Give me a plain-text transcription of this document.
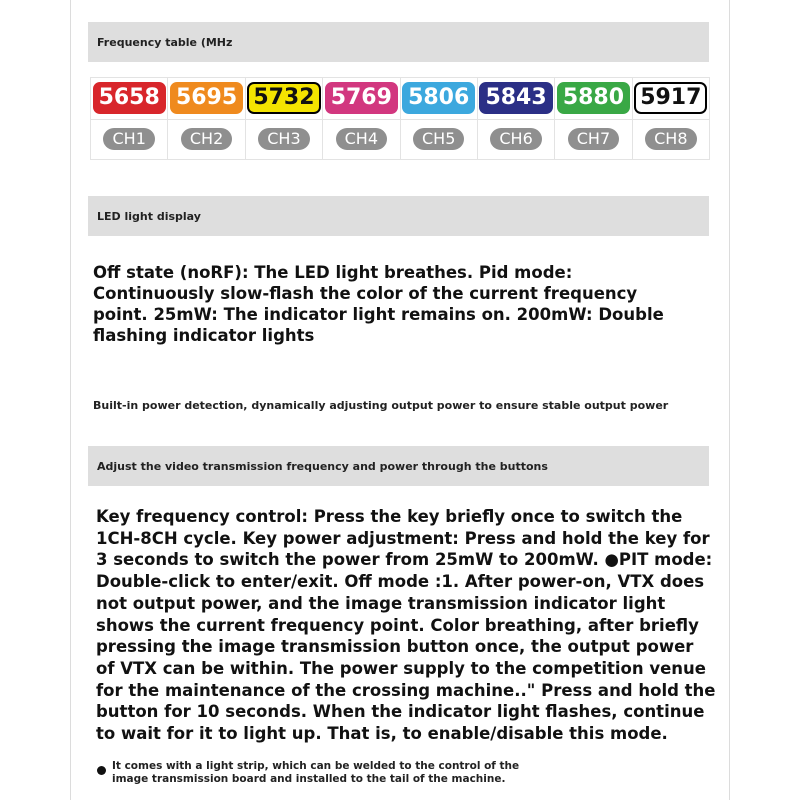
Frequency table (MHz
5658
CH1
5695
CH2
5732
CH3
5769
CH4
5806
CH5
5843
CH6
5880
CH7
5917
CH8
LED light display

Off state (noRF): The LED light breathes. Pid mode: Continuously slow-flash the color of the current frequency point. 25mW: The indicator light remains on. 200mW: Double flashing indicator lights

Built-in power detection, dynamically adjusting output power to ensure stable output power

Adjust the video transmission frequency and power through the buttons

Key frequency control: Press the key briefly once to switch the 1CH-8CH cycle. Key power adjustment: Press and hold the key for 3 seconds to switch the power from 25mW to 200mW. ●PIT mode: Double-click to enter/exit. Off mode :1. After power-on, VTX does not output power, and the image transmission indicator light shows the current frequency point. Color breathing, after briefly pressing the image transmission button once, the output power of VTX can be within. The power supply to the competition venue for the maintenance of the crossing machine.." Press and hold the button for 10 seconds. When the indicator light flashes, continue to wait for it to light up. That is, to enable/disable this mode.

It comes with a light strip, which can be welded to the control of the image transmission board and installed to the tail of the machine.
